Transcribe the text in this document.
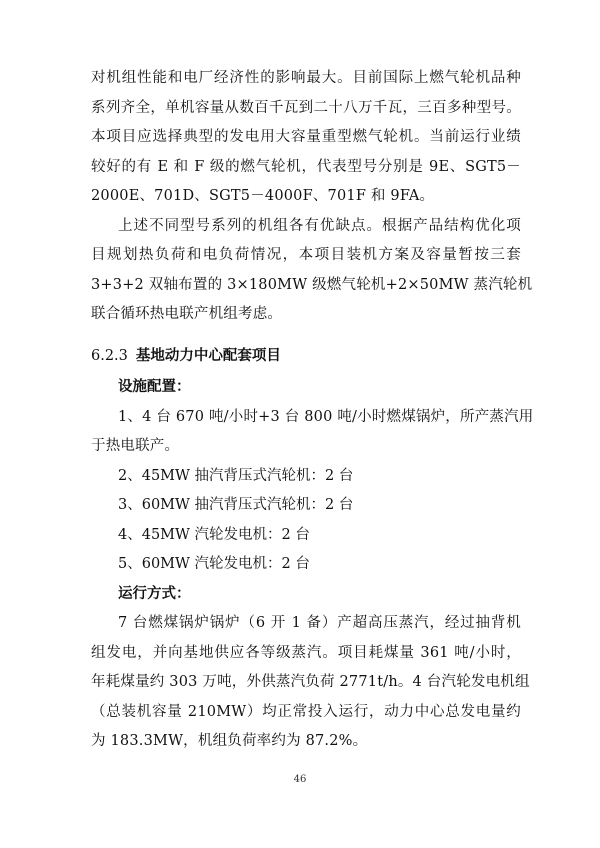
对机组性能和电厂经济性的影响最大。目前国际上燃气轮机品种
系列齐全，单机容量从数百千瓦到二十八万千瓦，三百多种型号。
本项目应选择典型的发电用大容量重型燃气轮机。当前运行业绩
较好的有 E 和 F 级的燃气轮机，代表型号分别是 9E、SGT5－
2000E、701D、SGT5－4000F、701F 和 9FA。
上述不同型号系列的机组各有优缺点。根据产品结构优化项
目规划热负荷和电负荷情况，本项目装机方案及容量暂按三套
3+3+2 双轴布置的 3×180MW 级燃气轮机+2×50MW 蒸汽轮机
联合循环热电联产机组考虑。
6.2.3 基地动力中心配套项目
设施配置：
1、4 台 670 吨/小时+3 台 800 吨/小时燃煤锅炉，所产蒸汽用
于热电联产。
2、45MW 抽汽背压式汽轮机：2 台
3、60MW 抽汽背压式汽轮机：2 台
4、45MW 汽轮发电机：2 台
5、60MW 汽轮发电机：2 台
运行方式：
7 台燃煤锅炉锅炉（6 开 1 备）产超高压蒸汽，经过抽背机
组发电，并向基地供应各等级蒸汽。项目耗煤量 361 吨/小时，
年耗煤量约 303 万吨，外供蒸汽负荷 2771t/h。4 台汽轮发电机组
（总装机容量 210MW）均正常投入运行，动力中心总发电量约
为 183.3MW，机组负荷率约为 87.2%。
46
